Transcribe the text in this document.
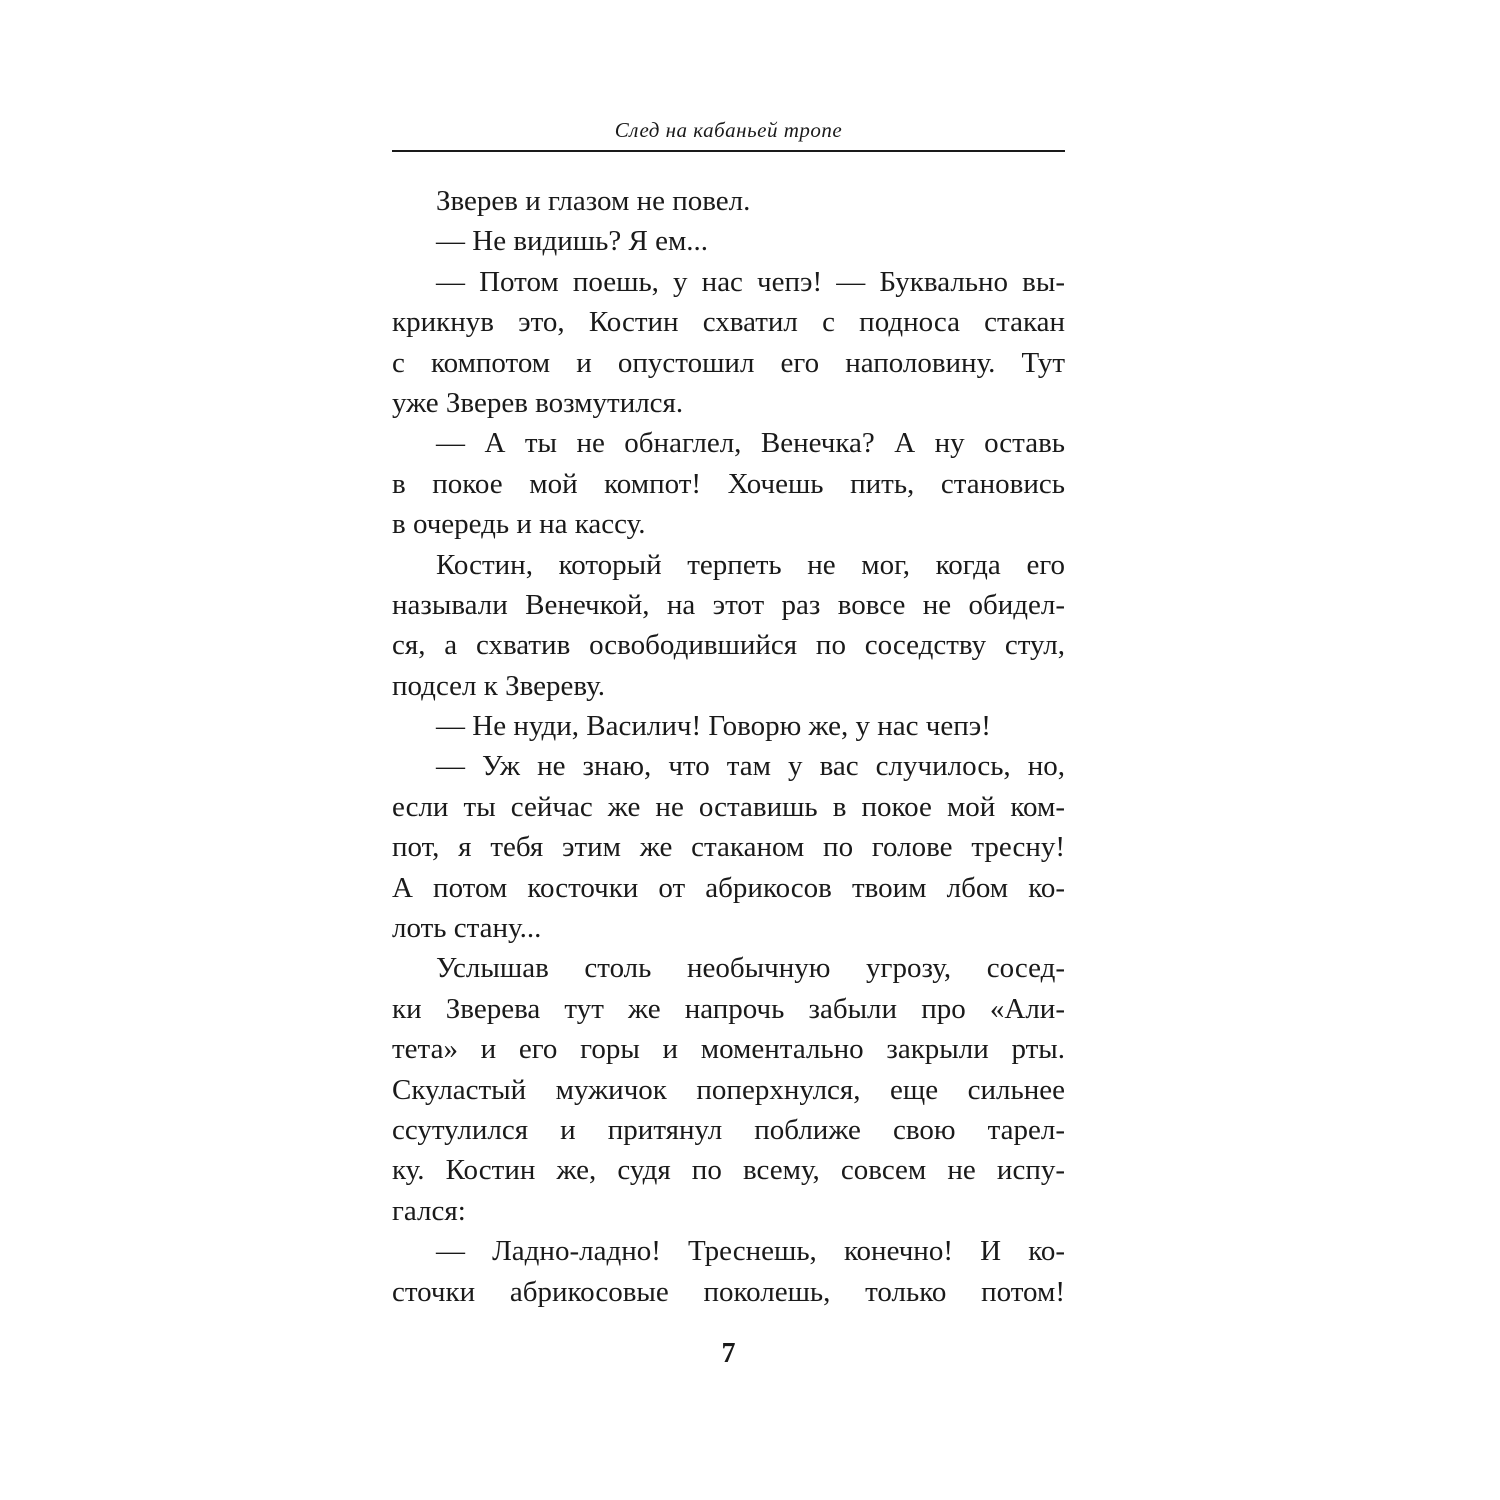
След на кабаньей тропе
Зверев и глазом не повел.
— Не видишь? Я ем...
— Потом поешь, у нас чепэ! — Буквально вы-
крикнув это, Костин схватил с подноса стакан
с компотом и опустошил его наполовину. Тут
уже Зверев возмутился.
— А ты не обнаглел, Венечка? А ну оставь
в покое мой компот! Хочешь пить, становись
в очередь и на кассу.
Костин, который терпеть не мог, когда его
называли Венечкой, на этот раз вовсе не обидел-
ся, а схватив освободившийся по соседству стул,
подсел к Звереву.
— Не нуди, Василич! Говорю же, у нас чепэ!
— Уж не знаю, что там у вас случилось, но,
если ты сейчас же не оставишь в покое мой ком-
пот, я тебя этим же стаканом по голове тресну!
А потом косточки от абрикосов твоим лбом ко-
лоть стану...
Услышав столь необычную угрозу, сосед-
ки Зверева тут же напрочь забыли про «Али-
тета» и его горы и моментально закрыли рты.
Скуластый мужичок поперхнулся, еще сильнее
ссутулился и притянул поближе свою тарел-
ку. Костин же, судя по всему, совсем не испу-
гался:
— Ладно-ладно! Треснешь, конечно! И ко-
сточки абрикосовые поколешь, только потом!
7
